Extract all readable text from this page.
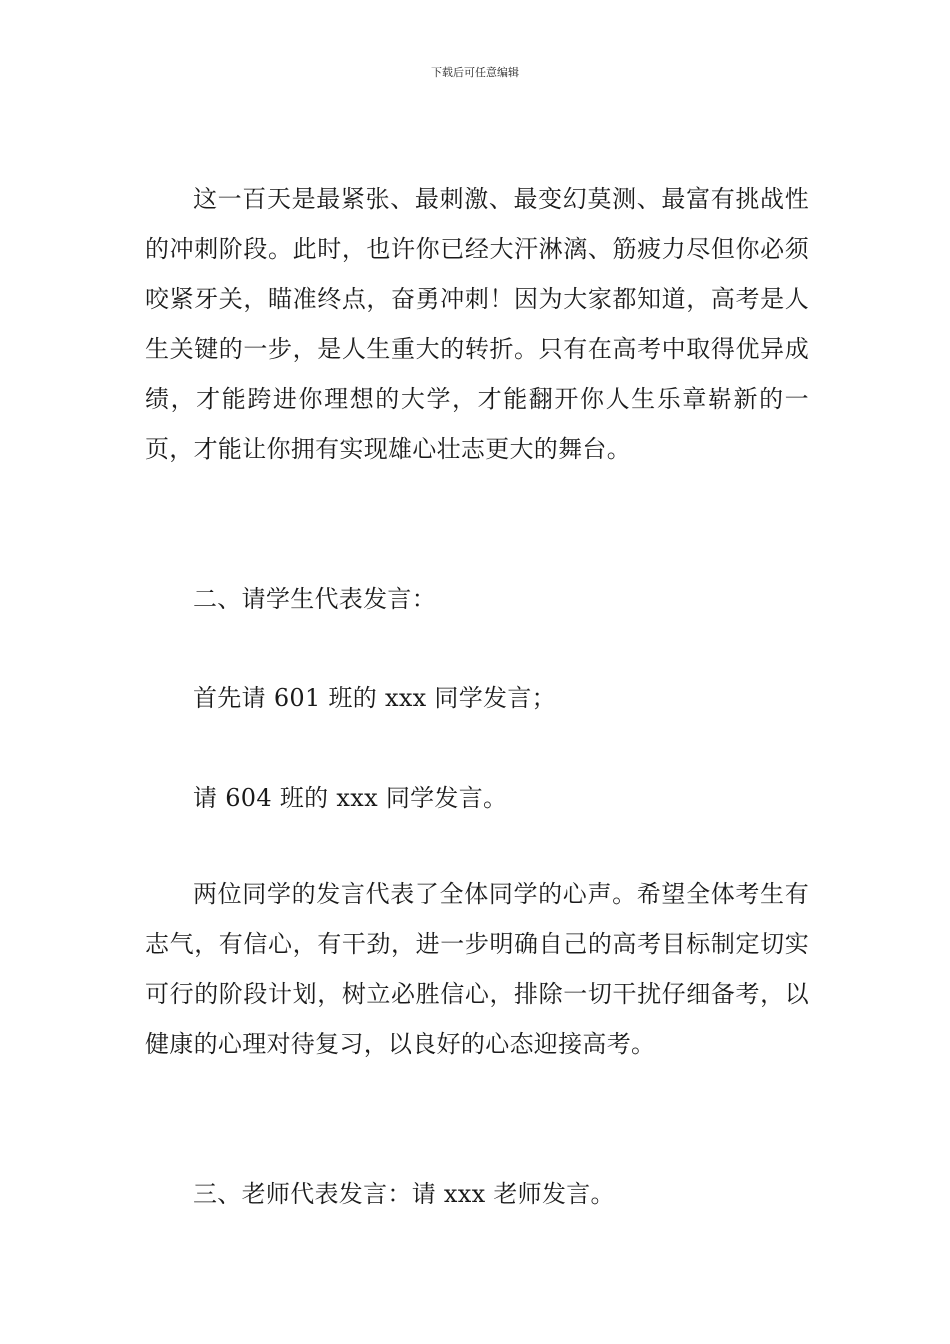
下载后可任意编辑

这一百天是最紧张、最刺激、最变幻莫测、最富有挑战性的冲刺阶段。此时，也许你已经大汗淋漓、筋疲力尽但你必须咬紧牙关，瞄准终点，奋勇冲刺！因为大家都知道，高考是人生关键的一步，是人生重大的转折。只有在高考中取得优异成绩，才能跨进你理想的大学，才能翻开你人生乐章崭新的一页，才能让你拥有实现雄心壮志更大的舞台。

二、请学生代表发言：

首先请 601 班的 xxx 同学发言；

请 604 班的 xxx 同学发言。

两位同学的发言代表了全体同学的心声。希望全体考生有志气，有信心，有干劲，进一步明确自己的高考目标制定切实可行的阶段计划，树立必胜信心，排除一切干扰仔细备考，以健康的心理对待复习，以良好的心态迎接高考。

三、老师代表发言：请 xxx 老师发言。
